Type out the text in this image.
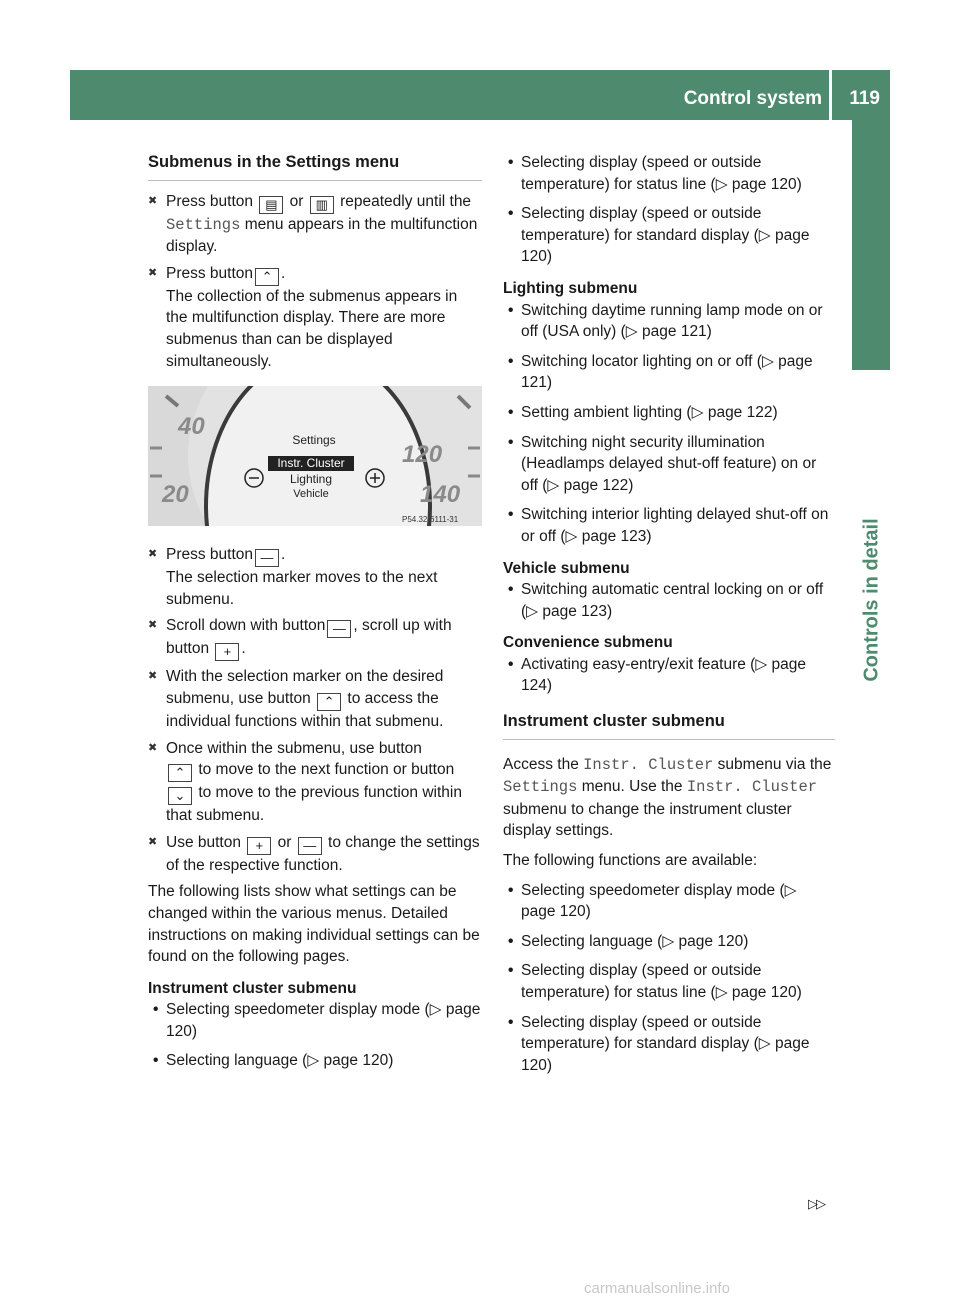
Control system 119
Controls in detail
Submenus in the Settings menu
✖ Press button ▤ or ▥ repeatedly until the Settings menu appears in the multifunction display.
✖ Press button ⌃ .
The collection of the submenus appears in the multifunction display. There are more submenus than can be displayed simultaneously.
40
20
120
140
Settings
Instr. Cluster
Lighting
Vehicle
P54.32-6111-31
✖ Press button — .
The selection marker moves to the next submenu.
✖ Scroll down with button — , scroll up with button + .
✖ With the selection marker on the desired submenu, use button ⌃ to access the individual functions within that submenu.
✖ Once within the submenu, use button
⌃ to move to the next function or button
⌄ to move to the previous function within that submenu.
✖ Use button + or — to change the settings of the respective function.
The following lists show what settings can be changed within the various menus. Detailed instructions on making individual settings can be found on the following pages.
Instrument cluster submenu
• Selecting speedometer display mode (▷ page 120)
• Selecting language (▷ page 120)
• Selecting display (speed or outside temperature) for status line (▷ page 120)
• Selecting display (speed or outside temperature) for standard display (▷ page 120)
Lighting submenu
• Switching daytime running lamp mode on or off (USA only) (▷ page 121)
• Switching locator lighting on or off (▷ page 121)
• Setting ambient lighting (▷ page 122)
• Switching night security illumination (Headlamps delayed shut-off feature) on or off (▷ page 122)
• Switching interior lighting delayed shut-off on or off (▷ page 123)
Vehicle submenu
• Switching automatic central locking on or off (▷ page 123)
Convenience submenu
• Activating easy-entry/exit feature (▷ page 124)
Instrument cluster submenu
Access the Instr. Cluster submenu via the Settings menu. Use the Instr. Cluster submenu to change the instrument cluster display settings.
The following functions are available:
• Selecting speedometer display mode (▷ page 120)
• Selecting language (▷ page 120)
• Selecting display (speed or outside temperature) for status line (▷ page 120)
• Selecting display (speed or outside temperature) for standard display (▷ page 120)
▷▷
carmanualsonline.info
